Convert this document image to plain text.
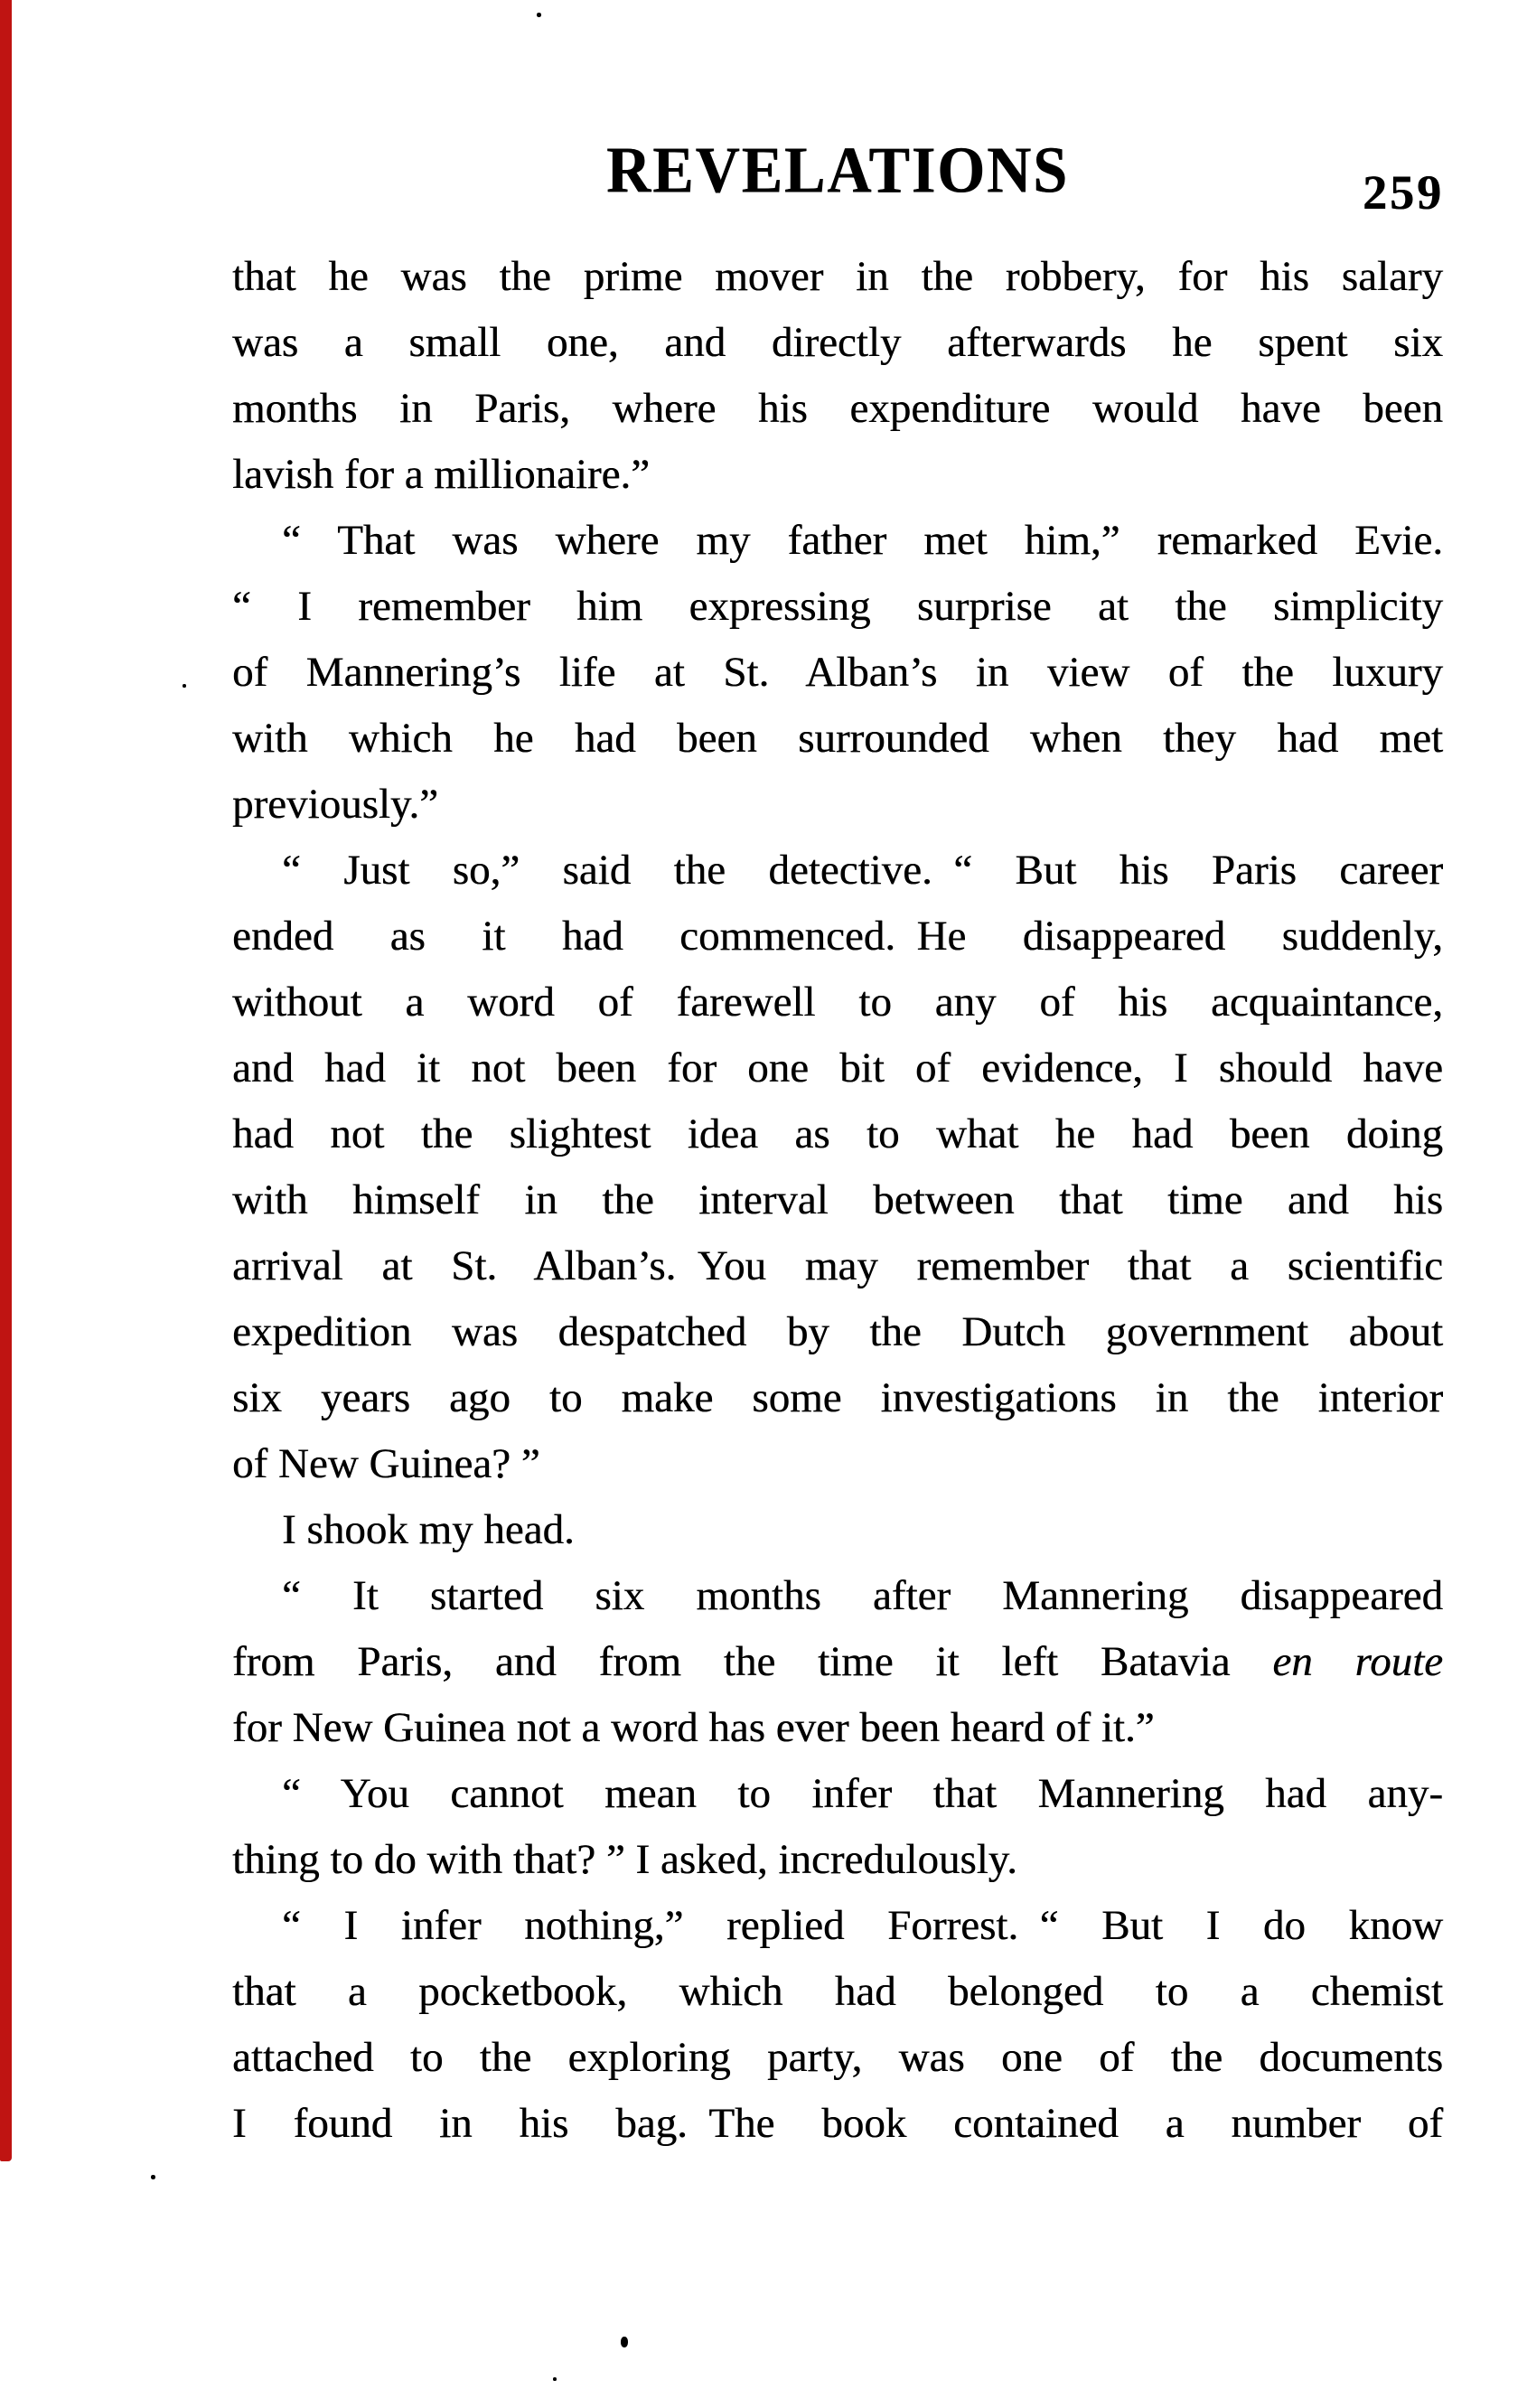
REVELATIONS	259
that he was the prime mover in the robbery, for his salary
was a small one, and directly afterwards he spent six
months in Paris, where his expenditure would have been
lavish for a millionaire.”
“ That was where my father met him,” remarked Evie.
“ I remember him expressing surprise at the simplicity
of Mannering’s life at St. Alban’s in view of the luxury
with which he had been surrounded when they had met
previously.”
“ Just so,” said the detective. “ But his Paris career
ended as it had commenced. He disappeared suddenly,
without a word of farewell to any of his acquaintance,
and had it not been for one bit of evidence, I should have
had not the slightest idea as to what he had been doing
with himself in the interval between that time and his
arrival at St. Alban’s. You may remember that a scientific
expedition was despatched by the Dutch government about
six years ago to make some investigations in the interior
of New Guinea? ”
I shook my head.
“ It started six months after Mannering disappeared
from Paris, and from the time it left Batavia en route
for New Guinea not a word has ever been heard of it.”
“ You cannot mean to infer that Mannering had any-
thing to do with that? ” I asked, incredulously.
“ I infer nothing,” replied Forrest. “ But I do know
that a pocketbook, which had belonged to a chemist
attached to the exploring party, was one of the documents
I found in his bag. The book contained a number of
